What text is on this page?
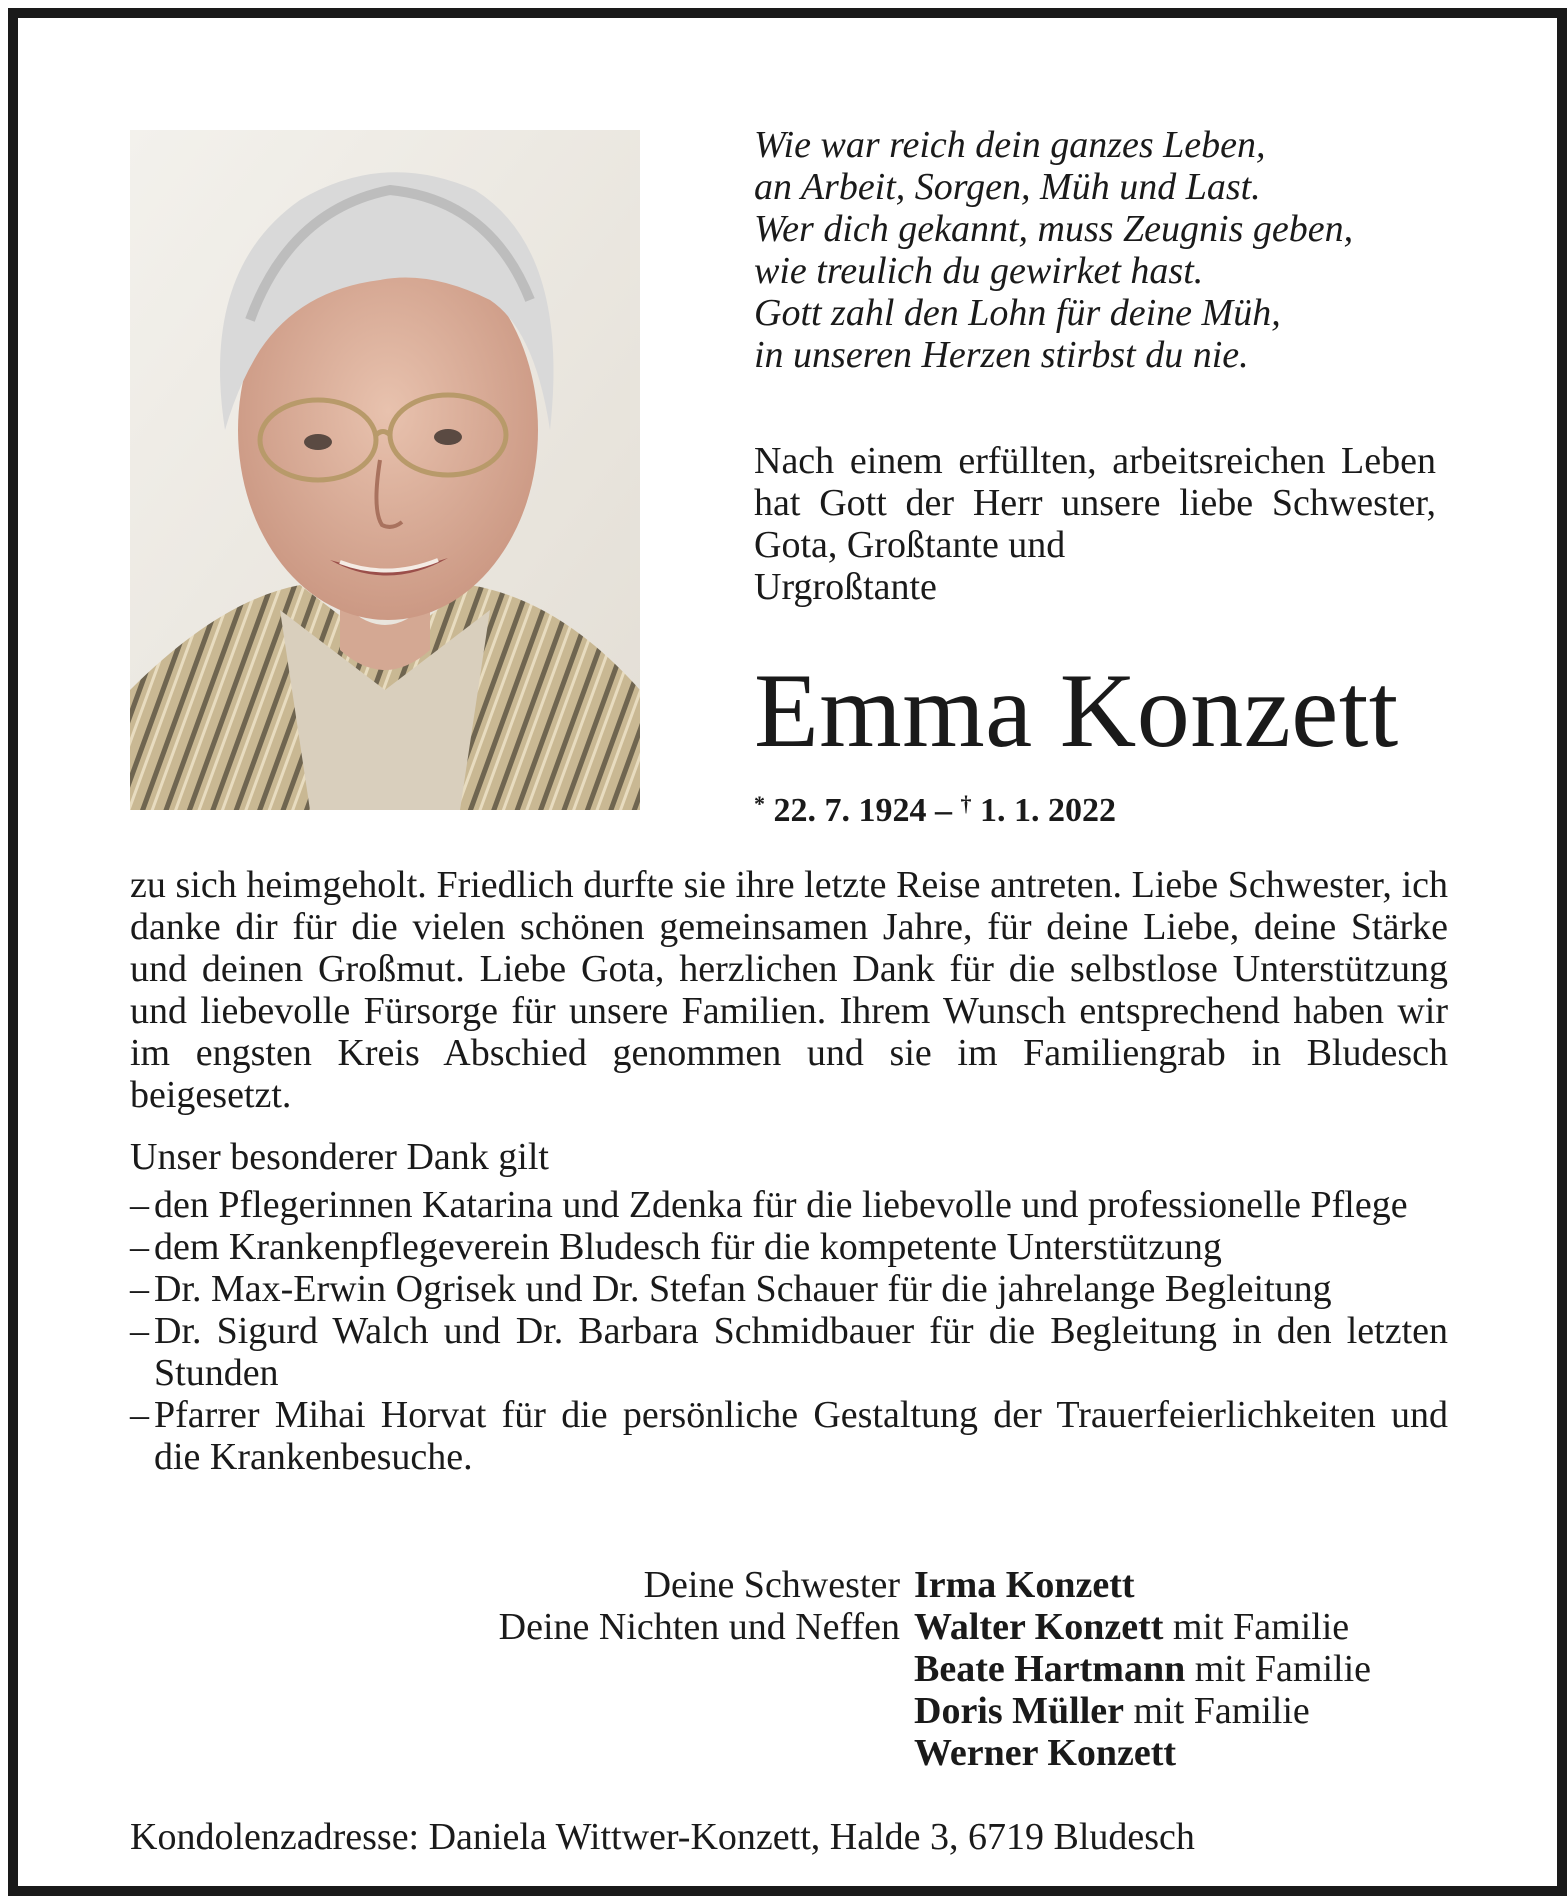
Wie war reich dein ganzes Leben,
an Arbeit, Sorgen, Müh und Last.
Wer dich gekannt, muss Zeugnis geben,
wie treulich du gewirket hast.
Gott zahl den Lohn für deine Müh,
in unseren Herzen stirbst du nie.
Nach einem erfüllten, arbeitsreichen Leben hat Gott der Herr unsere liebe Schwester, Gota, Großtante und
Urgroßtante
Emma Konzett
* 22. 7. 1924 – † 1. 1. 2022
zu sich heimgeholt. Friedlich durfte sie ihre letzte Reise antreten. Liebe Schwester, ich danke dir für die vielen schönen gemeinsamen Jahre, für deine Liebe, deine Stärke und deinen Großmut. Liebe Gota, herzlichen Dank für die selbstlose Unterstützung und liebevolle Fürsorge für unsere Familien. Ihrem Wunsch entsprechend haben wir im engsten Kreis Abschied genommen und sie im Familiengrab in Bludesch beigesetzt.
Unser besonderer Dank gilt
– den Pflegerinnen Katarina und Zdenka für die liebevolle und professionelle Pflege
– dem Krankenpflegeverein Bludesch für die kompetente Unterstützung
– Dr. Max-Erwin Ogrisek und Dr. Stefan Schauer für die jahrelange Begleitung
– Dr. Sigurd Walch und Dr. Barbara Schmidbauer für die Begleitung in den letzten Stunden
– Pfarrer Mihai Horvat für die persönliche Gestaltung der Trauerfeierlichkeiten und die Krankenbesuche.
Deine Schwester Irma Konzett
Deine Nichten und Neffen Walter Konzett mit Familie
Beate Hartmann mit Familie
Doris Müller mit Familie
Werner Konzett
Kondolenzadresse: Daniela Wittwer-Konzett, Halde 3, 6719 Bludesch
